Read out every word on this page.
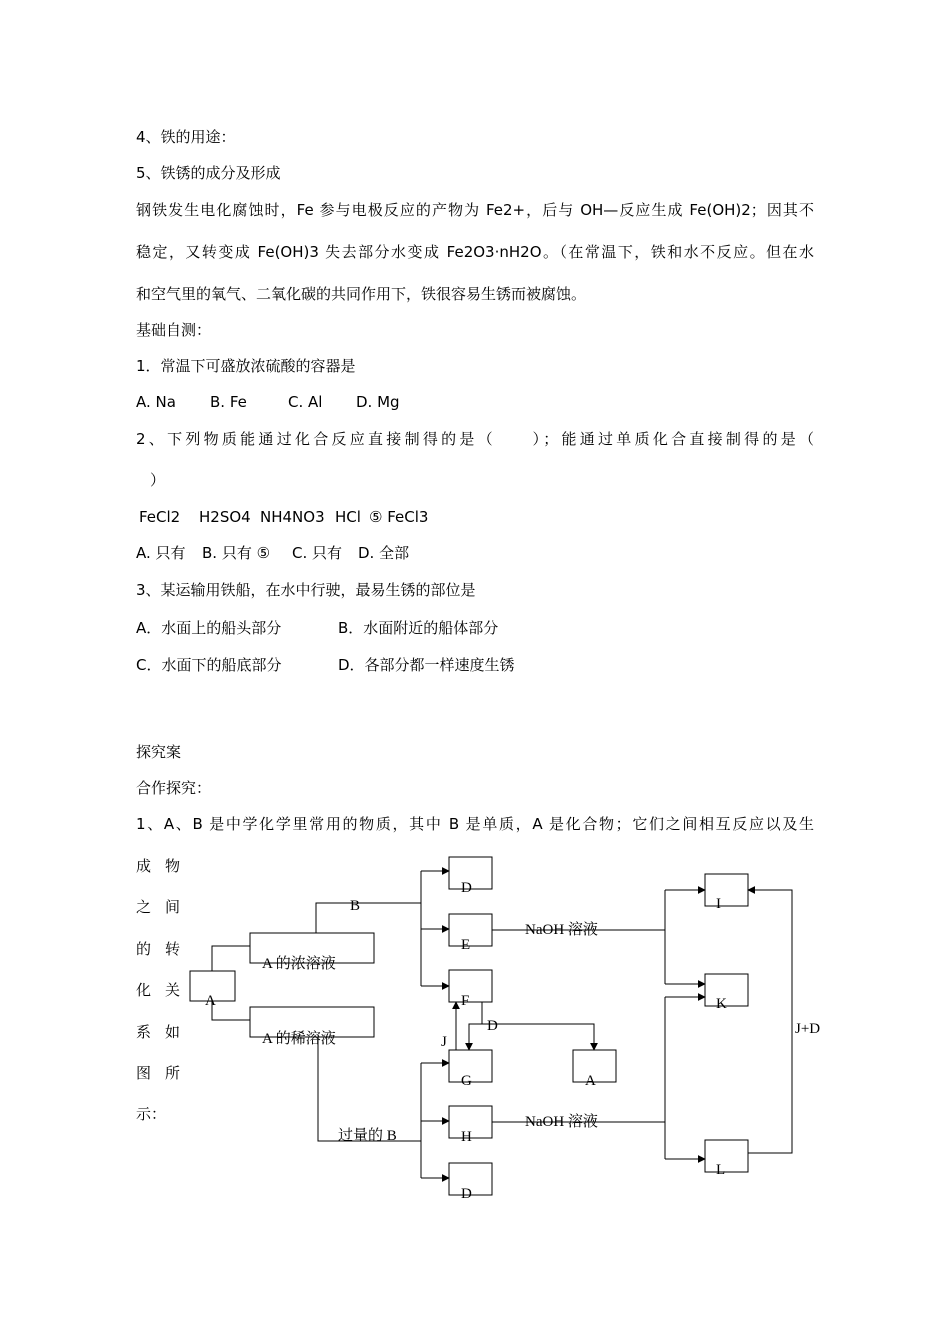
4、铁的用途：
5、铁锈的成分及形成
钢铁发生电化腐蚀时，Fe 参与电极反应的产物为 Fe2+，后与 OH—反应生成 Fe(OH)2；因其不
稳定，又转变成 Fe(OH)3 失去部分水变成 Fe2O3·nH2O。（在常温下，铁和水不反应。但在水
和空气里的氧气、二氧化碳的共同作用下，铁很容易生锈而被腐蚀。
基础自测：
1．常温下可盛放浓硫酸的容器是
A. Na B. Fe	C. Al D. Mg
2、下列物质能通过化合反应直接制得的是（　　）；能通过单质化合直接制得的是（
）
FeCl2 H2SO4 NH4NO3 HCl ⑤ FeCl3
A. 只有 B. 只有 ⑤ C. 只有 D. 全部
3、某运输用铁船，在水中行驶，最易生锈的部位是
A．水面上的船头部分	B．水面附近的船体部分
C．水面下的船底部分	D．各部分都一样速度生锈
探究案
合作探究：
1、A、B 是中学化学里常用的物质，其中 B 是单质，A 是化合物；它们之间相互反应以及生
成 物
之 间
的 转
化 关
系 如
图 所
示：
A
A 的浓溶液
A 的稀溶液
D
E
F
G
H
D
A
I
K
L
B
NaOH 溶液
NaOH 溶液
D
J
过量的 B
J+D
